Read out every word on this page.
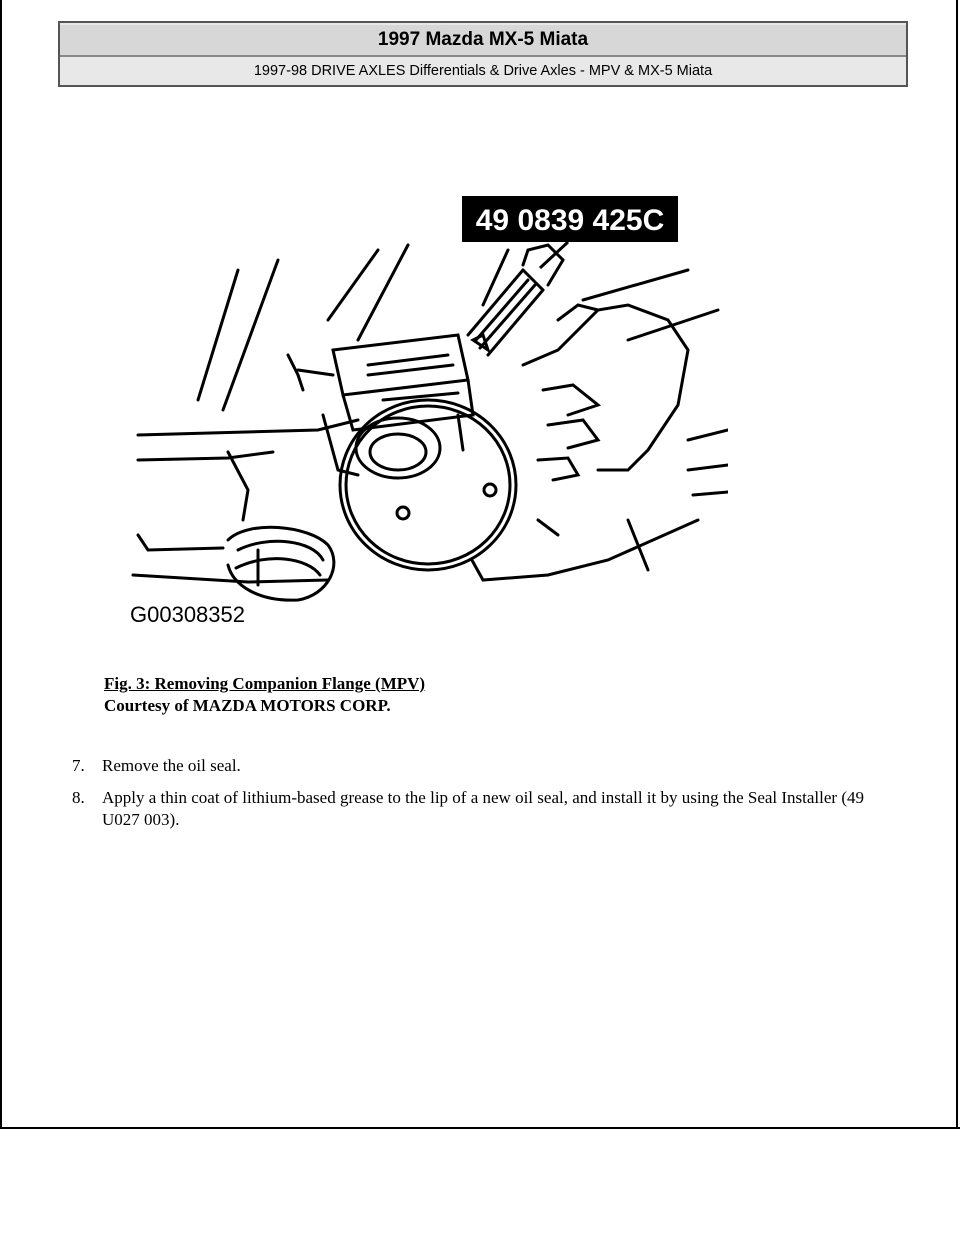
1997 Mazda MX-5 Miata
1997-98 DRIVE AXLES Differentials & Drive Axles - MPV & MX-5 Miata
49 0839 425C
G00308352
Fig. 3: Removing Companion Flange (MPV)
Courtesy of MAZDA MOTORS CORP.
7. Remove the oil seal.
8. Apply a thin coat of lithium-based grease to the lip of a new oil seal, and install it by using the Seal Installer (49 U027 003).
